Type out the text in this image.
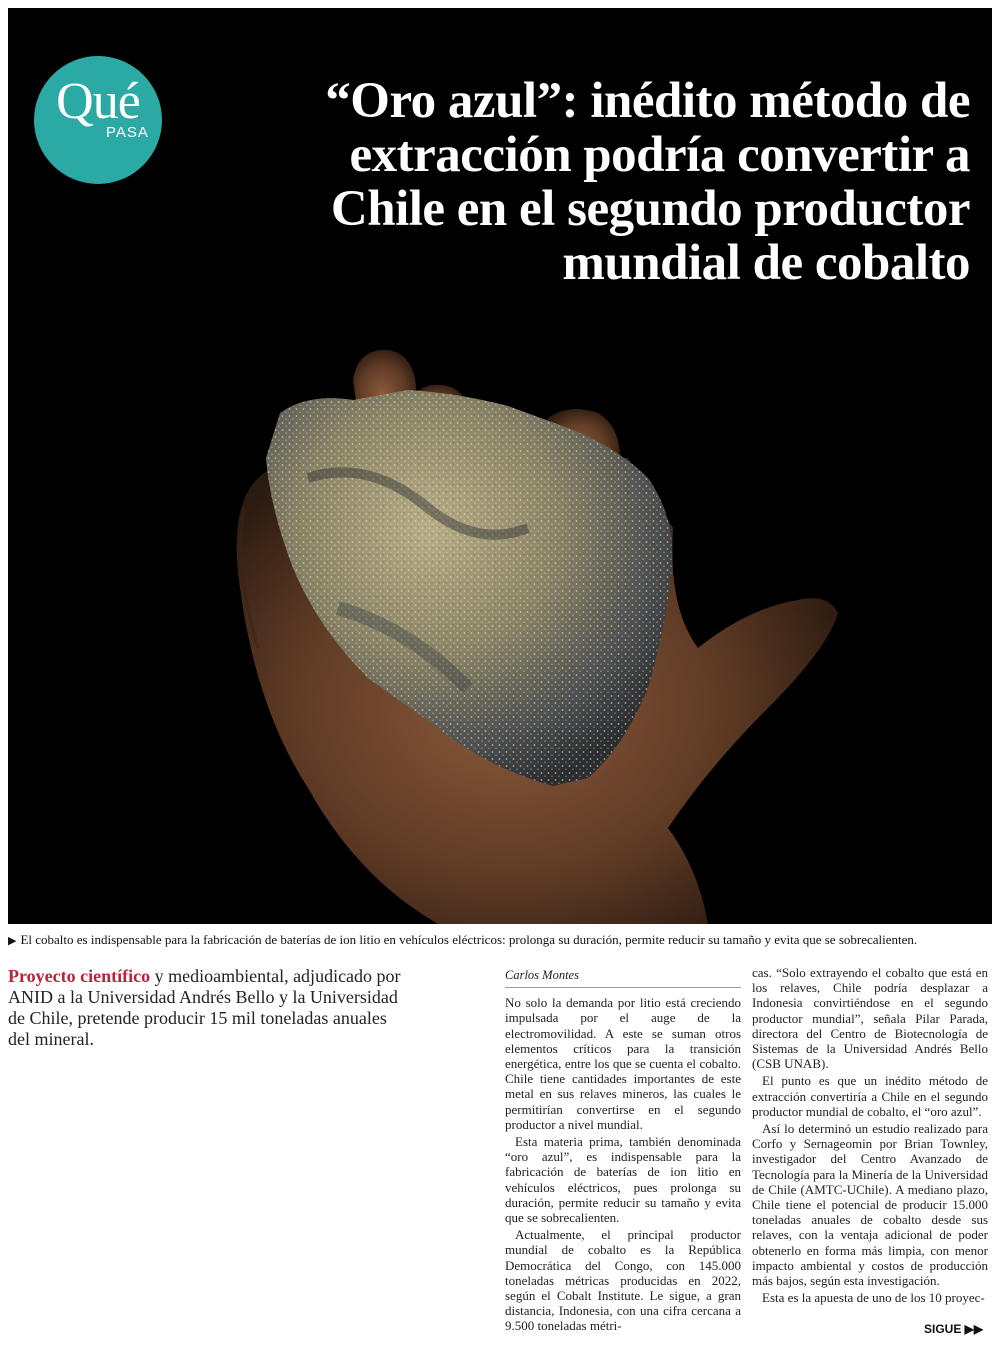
Qué
PASA
“Oro azul”: inédito método de
extracción podría convertir a
Chile en el segundo productor
mundial de cobalto
▶ El cobalto es indispensable para la fabricación de baterías de ion litio en vehículos eléctricos: prolonga su duración, permite reducir su tamaño y evita que se sobrecalienten.
Proyecto científico y medioambiental, adjudicado por ANID a la Universidad Andrés Bello y la Universidad de Chile, pretende producir 15 mil toneladas anuales del mineral.
Carlos Montes

No solo la demanda por litio está creciendo impulsada por el auge de la electromovilidad. A este se suman otros elementos críticos para la transición energética, entre los que se cuenta el cobalto. Chile tiene cantidades importantes de este metal en sus relaves mineros, las cuales le permitirían convertirse en el segundo productor a nivel mundial.

Esta materia prima, también denominada “oro azul”, es indispensable para la fabricación de baterías de ion litio en vehículos eléctricos, pues prolonga su duración, permite reducir su tamaño y evita que se sobrecalienten.

Actualmente, el principal productor mundial de cobalto es la República Democrática del Congo, con 145.000 toneladas métricas producidas en 2022, según el Cobalt Institute. Le sigue, a gran distancia, Indonesia, con una cifra cercana a 9.500 toneladas métri-

cas. “Solo extrayendo el cobalto que está en los relaves, Chile podría desplazar a Indonesia convirtiéndose en el segundo productor mundial”, señala Pilar Parada, directora del Centro de Biotecnología de Sistemas de la Universidad Andrés Bello (CSB UNAB).

El punto es que un inédito método de extracción convertiría a Chile en el segundo productor mundial de cobalto, el “oro azul”.

Así lo determinó un estudio realizado para Corfo y Sernageomin por Brian Townley, investigador del Centro Avanzado de Tecnología para la Minería de la Universidad de Chile (AMTC-UChile). A mediano plazo, Chile tiene el potencial de producir 15.000 toneladas anuales de cobalto desde sus relaves, con la ventaja adicional de poder obtenerlo en forma más limpia, con menor impacto ambiental y costos de producción más bajos, según esta investigación.

Esta es la apuesta de uno de los 10 proyec-

SIGUE ▶▶
